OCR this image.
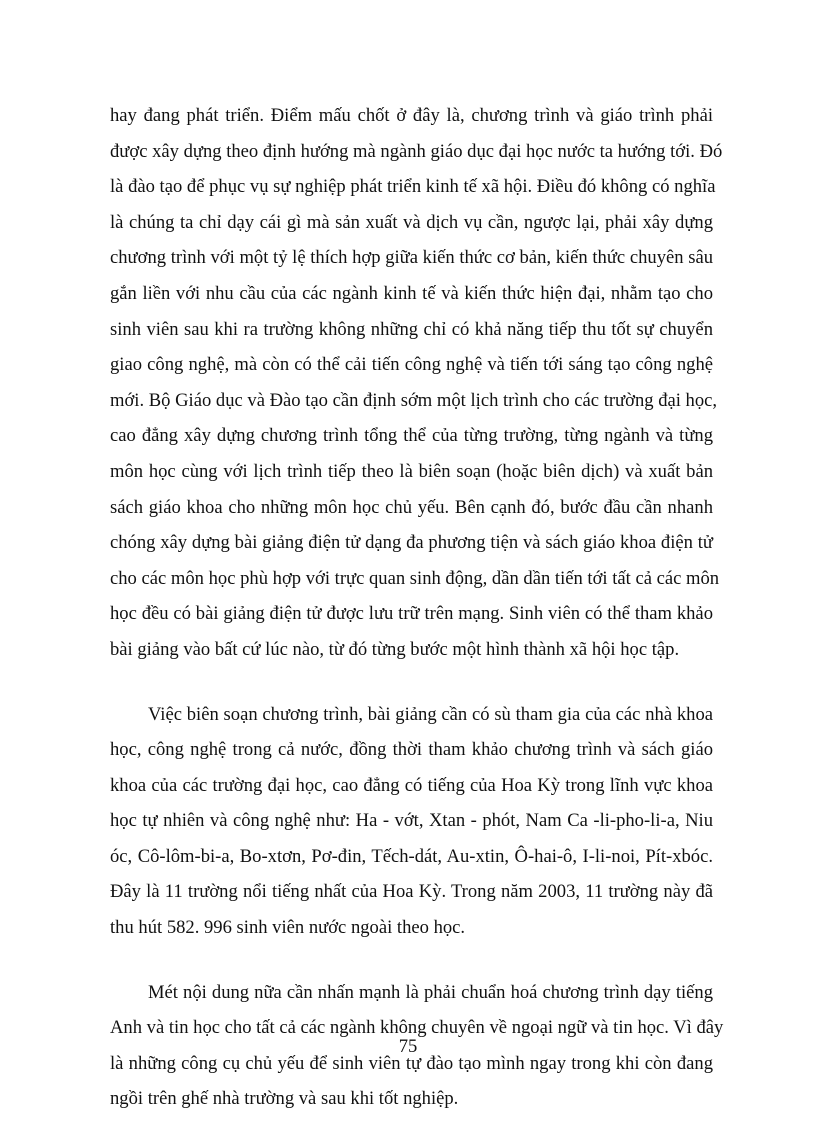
hay đang phát triển. Điểm mấu chốt ở đây là, chương trình và giáo trình phải
được xây dựng theo định hướng mà ngành giáo dục đại học nước ta hướng tới. Đó
là đào tạo để phục vụ sự nghiệp phát triển kinh tế xã hội. Điều đó không có nghĩa
là chúng ta chỉ dạy cái gì mà sản xuất và dịch vụ cần, ngược lại, phải xây dựng
chương trình với một tỷ lệ thích hợp giữa kiến thức cơ bản, kiến thức chuyên sâu
gắn liền với nhu cầu của các ngành kinh tế và kiến thức hiện đại, nhằm tạo cho
sinh viên sau khi ra trường không những chỉ có khả năng tiếp thu tốt sự chuyển
giao công nghệ, mà còn có thể cải tiến công nghệ và tiến tới sáng tạo công nghệ
mới. Bộ Giáo dục và Đào tạo cần định sớm một lịch trình cho các trường đại học,
cao đẳng xây dựng chương trình tổng thể của từng trường, từng ngành và từng
môn học cùng với lịch trình tiếp theo là biên soạn (hoặc biên dịch) và xuất bản
sách giáo khoa cho những môn học chủ yếu. Bên cạnh đó, bước đầu cần nhanh
chóng xây dựng bài giảng điện tử dạng đa phương tiện và sách giáo khoa điện tử
cho các môn học phù hợp với trực quan sinh động, dần dần tiến tới tất cả các môn
học đều có bài giảng điện tử được lưu trữ trên mạng. Sinh viên có thể tham khảo
bài giảng vào bất cứ lúc nào, từ đó từng bước một hình thành xã hội học tập.
Việc biên soạn chương trình, bài giảng cần có sù tham gia của các nhà khoa
học, công nghệ trong cả nước, đồng thời tham khảo chương trình và sách giáo
khoa của các trường đại học, cao đẳng có tiếng của Hoa Kỳ trong lĩnh vực khoa
học tự nhiên và công nghệ như: Ha - vớt, Xtan - phót, Nam Ca -li-pho-li-a, Niu
óc, Cô-lôm-bi-a, Bo-xtơn, Pơ-đin, Tếch-dát, Au-xtin, Ô-hai-ô, I-li-noi, Pít-xbóc.
Đây là 11 trường nổi tiếng nhất của Hoa Kỳ. Trong năm 2003, 11 trường này đã
thu hút 582. 996 sinh viên nước ngoài theo học.
Mét nội dung nữa cần nhấn mạnh là phải chuẩn hoá chương trình dạy tiếng
Anh và tin học cho tất cả các ngành không chuyên về ngoại ngữ và tin học. Vì đây
là những công cụ chủ yếu để sinh viên tự đào tạo mình ngay trong khi còn đang
ngồi trên ghế nhà trường và sau khi tốt nghiệp.
75
